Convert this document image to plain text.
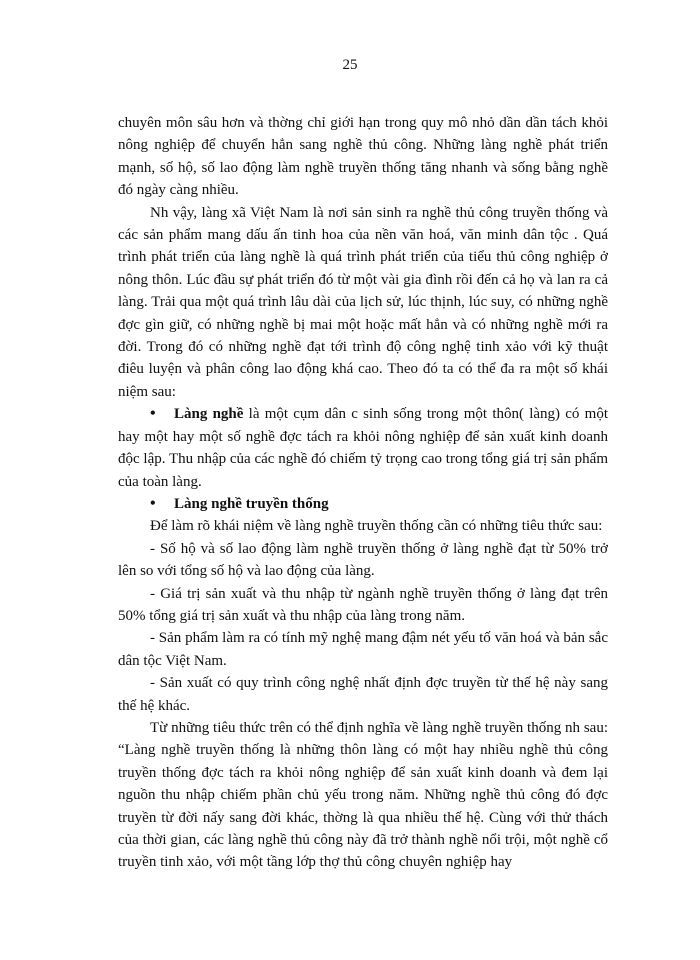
25

chuyên môn sâu hơn và thờng chỉ giới hạn trong quy mô nhỏ dần dần tách khỏi nông nghiệp để chuyển hẳn sang nghề thủ công. Những làng nghề phát triển mạnh, số hộ, số lao động làm nghề truyền thống tăng nhanh và sống bằng nghề đó ngày càng nhiều.

Nh vậy, làng xã Việt Nam là nơi sản sinh ra nghề thủ công truyền thống và các sản phẩm mang dấu ấn tinh hoa của nền văn hoá, văn minh dân tộc . Quá trình phát triển của làng nghề là quá trình phát triển của tiểu thủ công nghiệp ở nông thôn. Lúc đầu sự phát triển đó từ một vài gia đình rồi đến cả họ và lan ra cả làng. Trải qua một quá trình lâu dài của lịch sử, lúc thịnh, lúc suy, có những nghề đợc gìn giữ, có những nghề bị mai một hoặc mất hẳn và có những nghề mới ra đời. Trong đó có những nghề đạt tới trình độ công nghệ tinh xảo với kỹ thuật điêu luyện và phân công lao động khá cao. Theo đó ta có thể đa ra một số khái niệm sau:

• Làng nghề là một cụm dân c sinh sống trong một thôn( làng) có một hay một hay một số nghề đợc tách ra khỏi nông nghiệp để sản xuất kinh doanh độc lập. Thu nhập của các nghề đó chiếm tỷ trọng cao trong tổng giá trị sản phẩm của toàn làng.

• Làng nghề truyền thống

Để làm rõ khái niệm về làng nghề truyền thống cần có những tiêu thức sau:

- Số hộ và số lao động làm nghề truyền thống ở làng nghề đạt từ 50% trở lên so với tổng số hộ và lao động của làng.

- Giá trị sản xuất và thu nhập từ ngành nghề truyền thống ở làng đạt trên 50% tổng giá trị sản xuất và thu nhập của làng trong năm.

- Sản phẩm làm ra có tính mỹ nghệ mang đậm nét yếu tố văn hoá và bản sắc dân tộc Việt Nam.

- Sản xuất có quy trình công nghệ nhất định đợc truyền từ thế hệ này sang thế hệ khác.

Từ những tiêu thức trên có thể định nghĩa về làng nghề truyền thống nh sau: “Làng nghề truyền thống là những thôn làng có một hay nhiều nghề thủ công truyền thống đợc tách ra khỏi nông nghiệp để sản xuất kinh doanh và đem lại nguồn thu nhập chiếm phần chủ yếu trong năm. Những nghề thủ công đó đợc truyền từ đời nấy sang đời khác, thờng là qua nhiều thế hệ. Cùng với thử thách của thời gian, các làng nghề thủ công này đã trở thành nghề nổi trội, một nghề cổ truyền tinh xảo, với một tầng lớp thợ thủ công chuyên nghiệp hay
